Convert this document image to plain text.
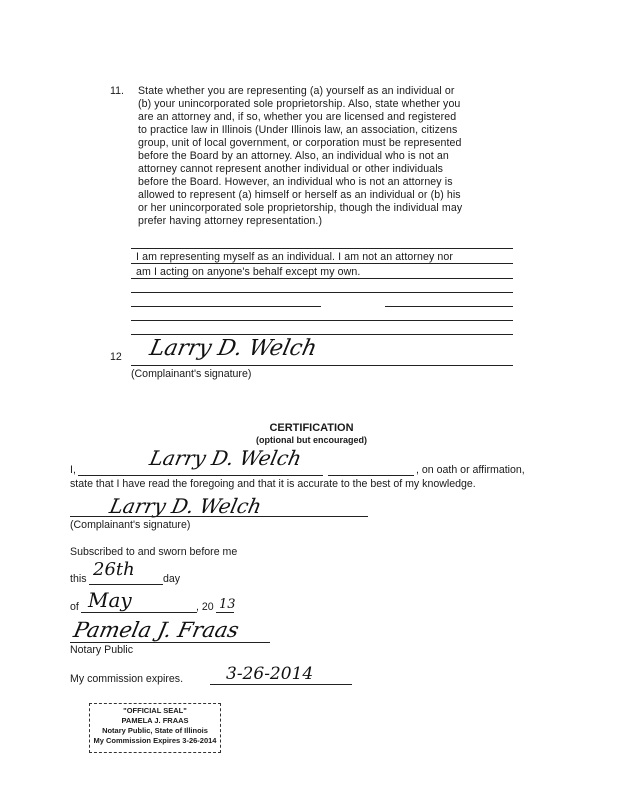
11. State whether you are representing (a) yourself as an individual or
(b) your unincorporated sole proprietorship. Also, state whether you
are an attorney and, if so, whether you are licensed and registered
to practice law in Illinois (Under Illinois law, an association, citizens
group, unit of local government, or corporation must be represented
before the Board by an attorney. Also, an individual who is not an
attorney cannot represent another individual or other individuals
before the Board. However, an individual who is not an attorney is
allowed to represent (a) himself or herself as an individual or (b) his
or her unincorporated sole proprietorship, though the individual may
prefer having attorney representation.)
I am representing myself as an individual. I am not an attorney nor
am I acting on anyone's behalf except my own.
12 Larry D. Welch
(Complainant's signature)
CERTIFICATION
(optional but encouraged)
I,	Larry D. Welch	, on oath or affirmation,
state that I have read the foregoing and that it is accurate to the best of my knowledge.
Larry D. Welch
(Complainant's signature)
Subscribed to and sworn before me
this 26th	day
of May	, 20 13
Pamela J. Fraas
Notary Public
My commission expires.	3-26-2014
"OFFICIAL SEAL"
PAMELA J. FRAAS
Notary Public, State of Illinois
My Commission Expires 3-26-2014
